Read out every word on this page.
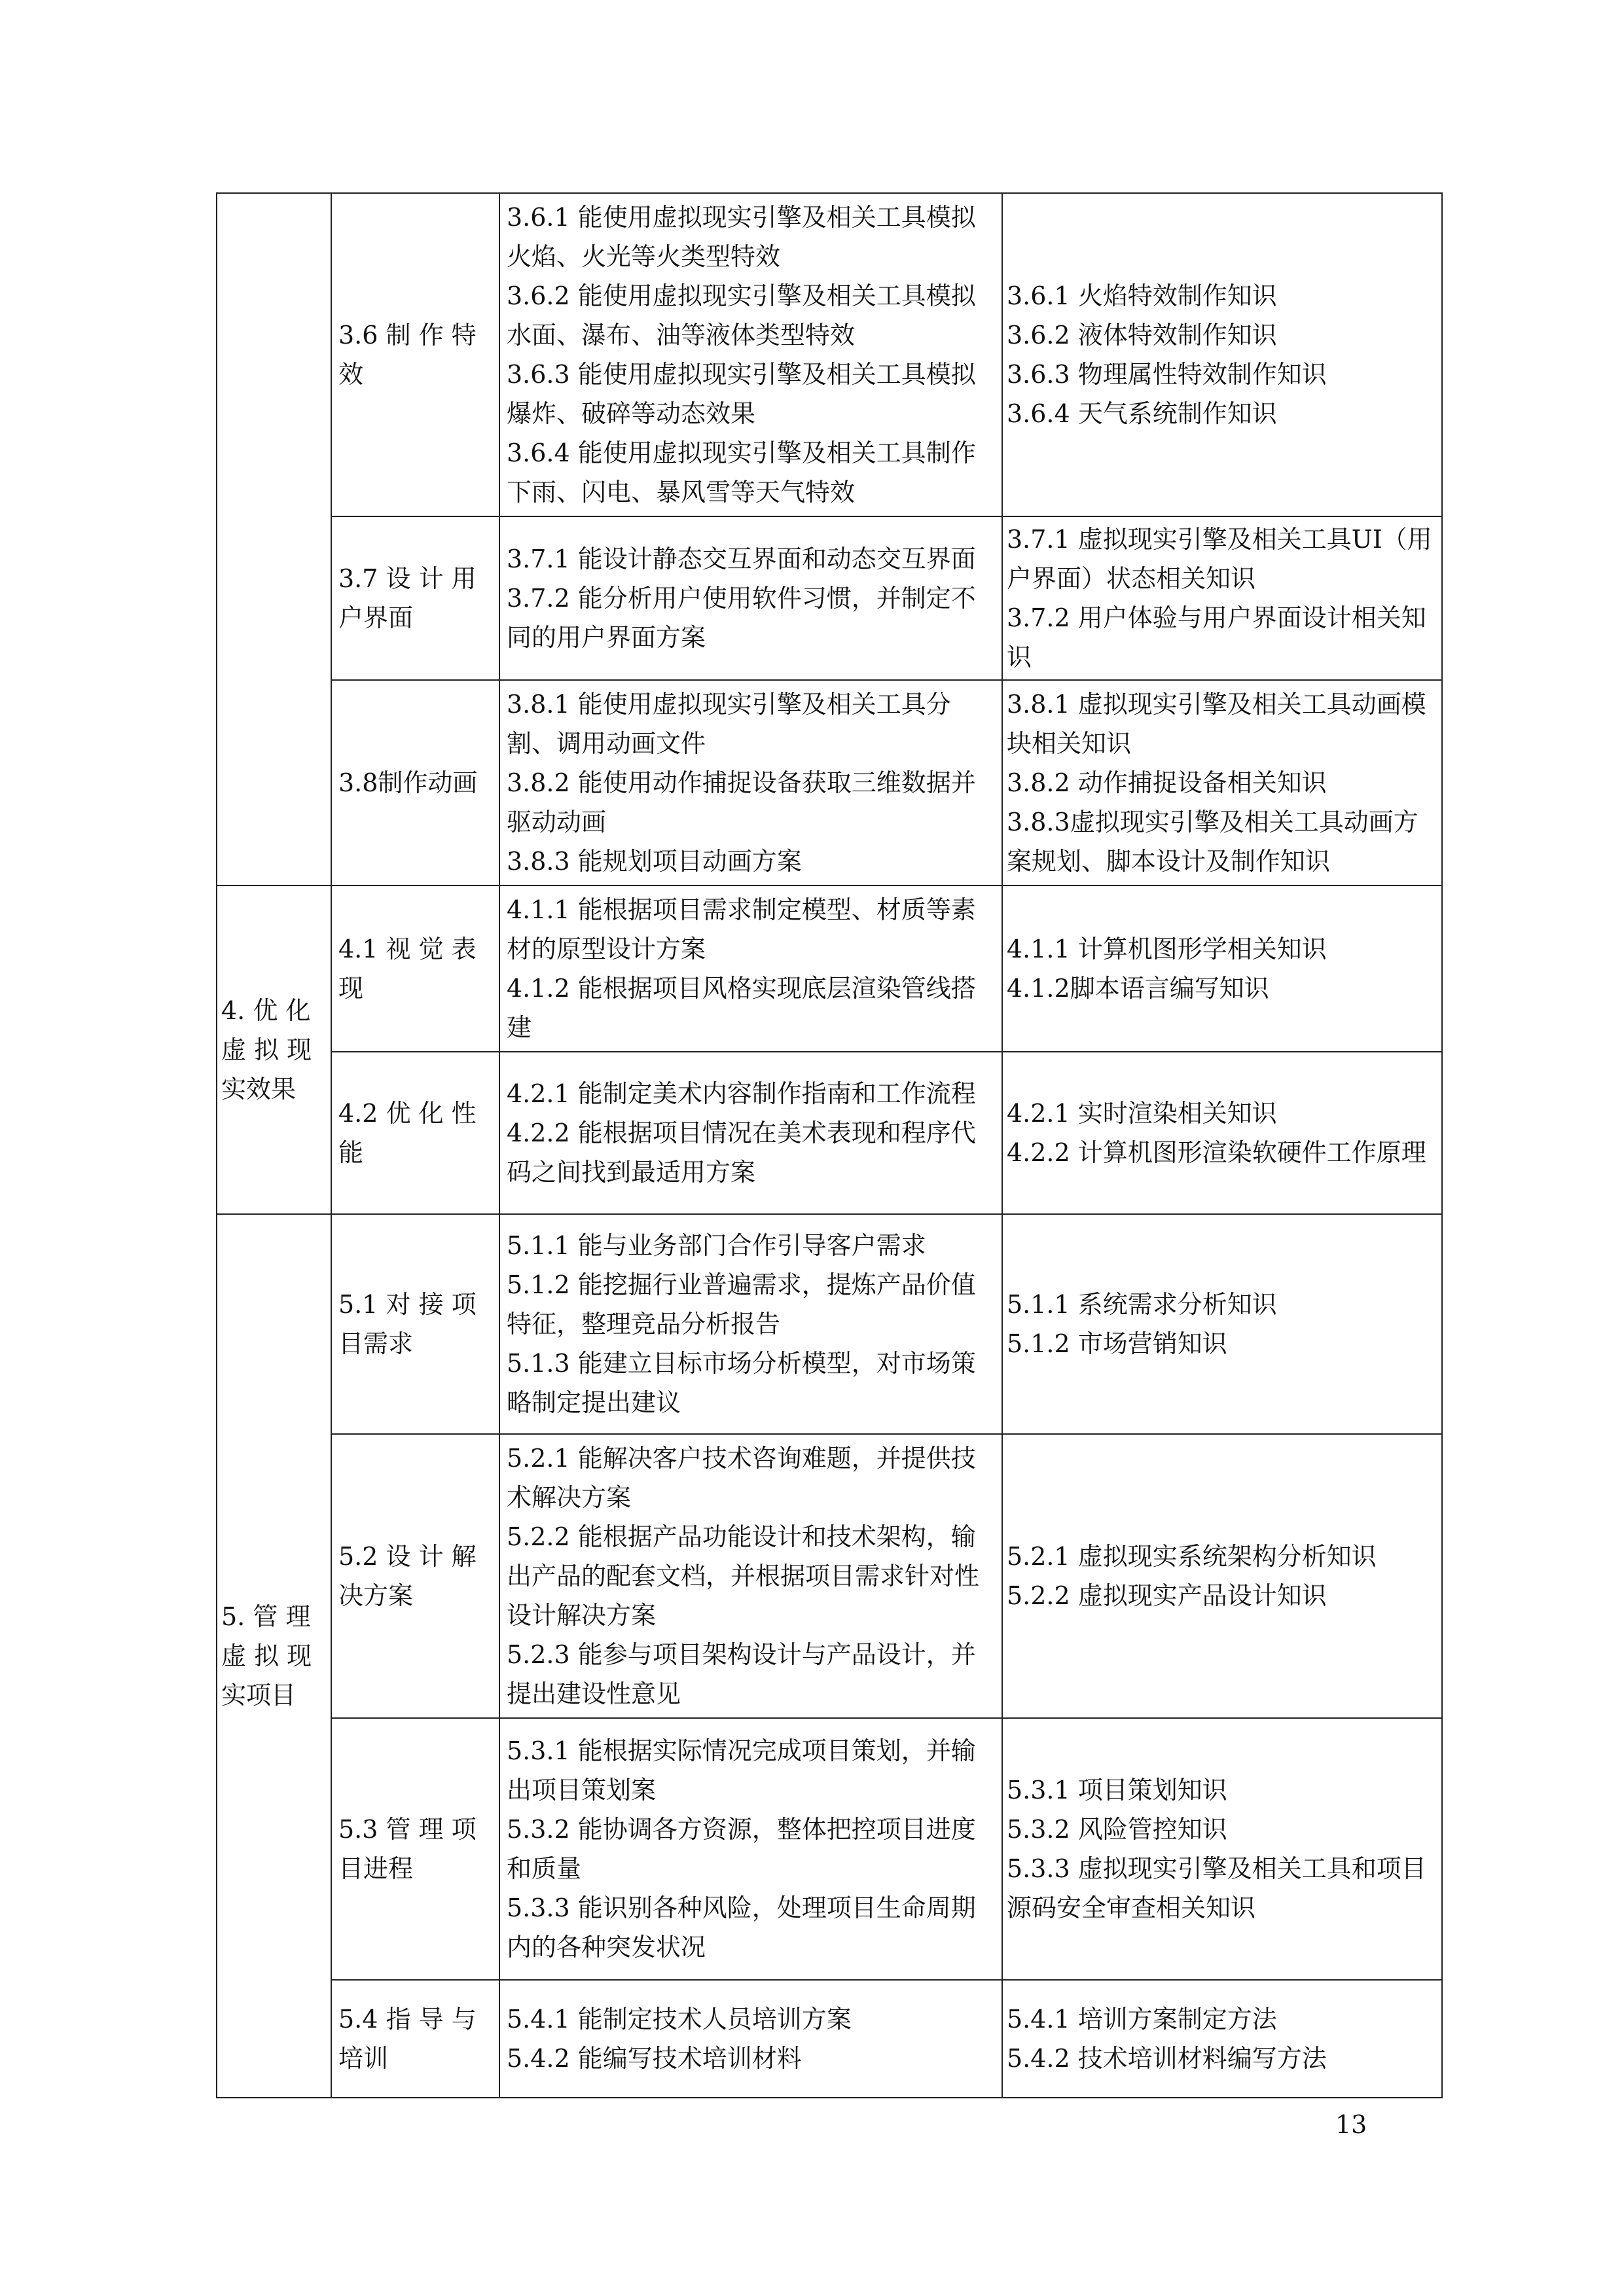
	3.6 制 作 特效	3.6.1 能使用虚拟现实引擎及相关工具模拟火焰、火光等火类型特效
3.6.2 能使用虚拟现实引擎及相关工具模拟水面、瀑布、油等液体类型特效
3.6.3 能使用虚拟现实引擎及相关工具模拟爆炸、破碎等动态效果
3.6.4 能使用虚拟现实引擎及相关工具制作下雨、闪电、暴风雪等天气特效	3.6.1 火焰特效制作知识
3.6.2 液体特效制作知识
3.6.3 物理属性特效制作知识
3.6.4 天气系统制作知识

	3.7 设 计 用户界面	3.7.1 能设计静态交互界面和动态交互界面
3.7.2 能分析用户使用软件习惯，并制定不同的用户界面方案	3.7.1 虚拟现实引擎及相关工具UI（用户界面）状态相关知识
3.7.2 用户体验与用户界面设计相关知识

	3.8制作动画	3.8.1 能使用虚拟现实引擎及相关工具分割、调用动画文件
3.8.2 能使用动作捕捉设备获取三维数据并驱动动画
3.8.3 能规划项目动画方案	3.8.1 虚拟现实引擎及相关工具动画模块相关知识
3.8.2 动作捕捉设备相关知识
3.8.3虚拟现实引擎及相关工具动画方案规划、脚本设计及制作知识

4. 优 化虚 拟 现实效果	4.1 视 觉 表现	4.1.1 能根据项目需求制定模型、材质等素材的原型设计方案
4.1.2 能根据项目风格实现底层渲染管线搭建	4.1.1 计算机图形学相关知识
4.1.2脚本语言编写知识

	4.2 优 化 性能	4.2.1 能制定美术内容制作指南和工作流程
4.2.2 能根据项目情况在美术表现和程序代码之间找到最适用方案	4.2.1 实时渲染相关知识
4.2.2 计算机图形渲染软硬件工作原理

5. 管 理虚 拟 现实项目	5.1 对 接 项目需求	5.1.1 能与业务部门合作引导客户需求
5.1.2 能挖掘行业普遍需求，提炼产品价值特征，整理竞品分析报告
5.1.3 能建立目标市场分析模型，对市场策略制定提出建议	5.1.1 系统需求分析知识
5.1.2 市场营销知识

	5.2 设 计 解决方案	5.2.1 能解决客户技术咨询难题，并提供技术解决方案
5.2.2 能根据产品功能设计和技术架构，输出产品的配套文档，并根据项目需求针对性设计解决方案
5.2.3 能参与项目架构设计与产品设计，并提出建设性意见	5.2.1 虚拟现实系统架构分析知识
5.2.2 虚拟现实产品设计知识

	5.3 管 理 项目进程	5.3.1 能根据实际情况完成项目策划，并输出项目策划案
5.3.2 能协调各方资源，整体把控项目进度和质量
5.3.3 能识别各种风险，处理项目生命周期内的各种突发状况	5.3.1 项目策划知识
5.3.2 风险管控知识
5.3.3 虚拟现实引擎及相关工具和项目源码安全审查相关知识

	5.4 指 导 与培训	5.4.1 能制定技术人员培训方案
5.4.2 能编写技术培训材料	5.4.1 培训方案制定方法
5.4.2 技术培训材料编写方法
13
